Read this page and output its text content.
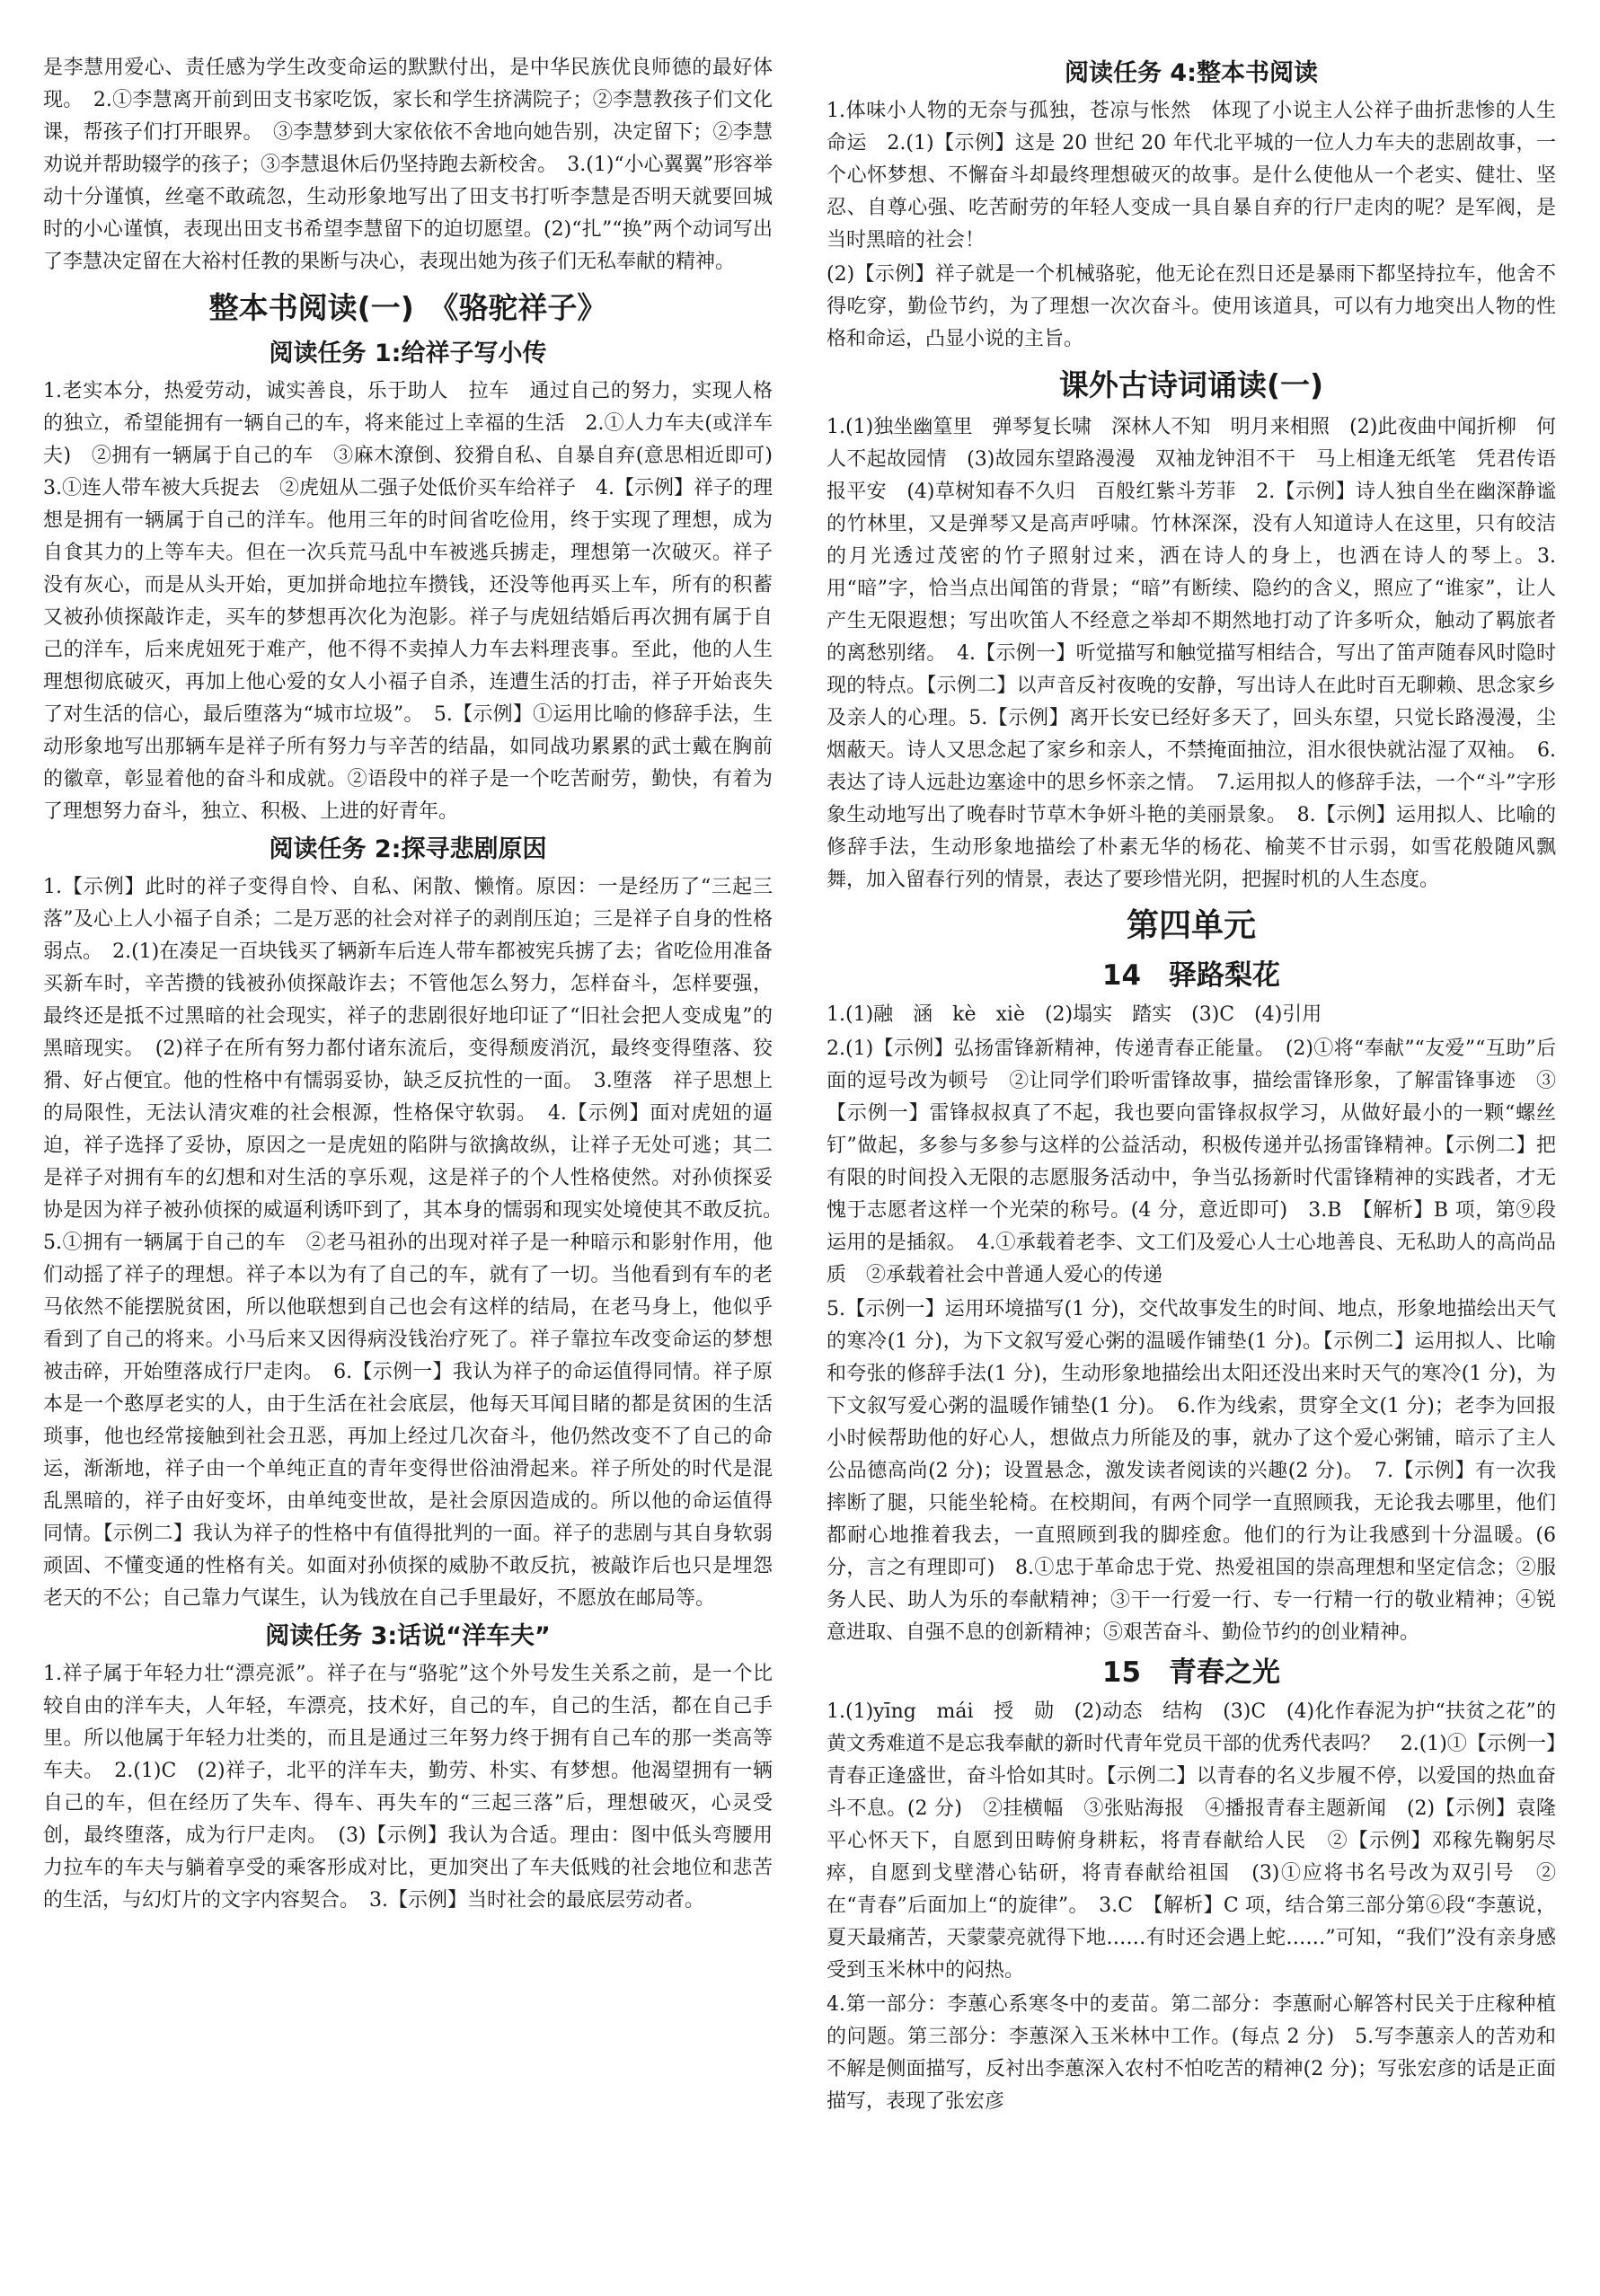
是李慧用爱心、责任感为学生改变命运的默默付出，是中华民族优良师德的最好体现。　2.①李慧离开前到田支书家吃饭，家长和学生挤满院子；②李慧教孩子们文化课，帮孩子们打开眼界。　③李慧梦到大家依依不舍地向她告别，决定留下；②李慧劝说并帮助辍学的孩子；③李慧退休后仍坚持跑去新校舍。　3.(1)“小心翼翼”形容举动十分谨慎，丝毫不敢疏忽，生动形象地写出了田支书打听李慧是否明天就要回城时的小心谨慎，表现出田支书希望李慧留下的迫切愿望。(2)“扎”“换”两个动词写出了李慧决定留在大裕村任教的果断与决心，表现出她为孩子们无私奉献的精神。

整本书阅读(一)　《骆驼祥子》
阅读任务 1:给祥子写小传

1.老实本分，热爱劳动，诚实善良，乐于助人　拉车　通过自己的努力，实现人格的独立，希望能拥有一辆自己的车，将来能过上幸福的生活　2.①人力车夫(或洋车夫)　②拥有一辆属于自己的车　③麻木潦倒、狡猾自私、自暴自弃(意思相近即可)　3.①连人带车被大兵捉去　②虎妞从二强子处低价买车给祥子　4.【示例】祥子的理想是拥有一辆属于自己的洋车。他用三年的时间省吃俭用，终于实现了理想，成为自食其力的上等车夫。但在一次兵荒马乱中车被逃兵掳走，理想第一次破灭。祥子没有灰心，而是从头开始，更加拼命地拉车攒钱，还没等他再买上车，所有的积蓄又被孙侦探敲诈走，买车的梦想再次化为泡影。祥子与虎妞结婚后再次拥有属于自己的洋车，后来虎妞死于难产，他不得不卖掉人力车去料理丧事。至此，他的人生理想彻底破灭，再加上他心爱的女人小福子自杀，连遭生活的打击，祥子开始丧失了对生活的信心，最后堕落为“城市垃圾”。　5.【示例】①运用比喻的修辞手法，生动形象地写出那辆车是祥子所有努力与辛苦的结晶，如同战功累累的武士戴在胸前的徽章，彰显着他的奋斗和成就。②语段中的祥子是一个吃苦耐劳，勤快，有着为了理想努力奋斗，独立、积极、上进的好青年。

阅读任务 2:探寻悲剧原因

1.【示例】此时的祥子变得自怜、自私、闲散、懒惰。原因：一是经历了“三起三落”及心上人小福子自杀；二是万恶的社会对祥子的剥削压迫；三是祥子自身的性格弱点。　2.(1)在凑足一百块钱买了辆新车后连人带车都被宪兵掳了去；省吃俭用准备买新车时，辛苦攒的钱被孙侦探敲诈去；不管他怎么努力，怎样奋斗，怎样要强，最终还是抵不过黑暗的社会现实，祥子的悲剧很好地印证了“旧社会把人变成鬼”的黑暗现实。　(2)祥子在所有努力都付诸东流后，变得颓废消沉，最终变得堕落、狡猾、好占便宜。他的性格中有懦弱妥协，缺乏反抗性的一面。　3.堕落　祥子思想上的局限性，无法认清灾难的社会根源，性格保守软弱。　4.【示例】面对虎妞的逼迫，祥子选择了妥协，原因之一是虎妞的陷阱与欲擒故纵，让祥子无处可逃；其二是祥子对拥有车的幻想和对生活的享乐观，这是祥子的个人性格使然。对孙侦探妥协是因为祥子被孙侦探的威逼利诱吓到了，其本身的懦弱和现实处境使其不敢反抗。　5.①拥有一辆属于自己的车　②老马祖孙的出现对祥子是一种暗示和影射作用，他们动摇了祥子的理想。祥子本以为有了自己的车，就有了一切。当他看到有车的老马依然不能摆脱贫困，所以他联想到自己也会有这样的结局，在老马身上，他似乎看到了自己的将来。小马后来又因得病没钱治疗死了。祥子靠拉车改变命运的梦想被击碎，开始堕落成行尸走肉。　6.【示例一】我认为祥子的命运值得同情。祥子原本是一个憨厚老实的人，由于生活在社会底层，他每天耳闻目睹的都是贫困的生活琐事，他也经常接触到社会丑恶，再加上经过几次奋斗，他仍然改变不了自己的命运，渐渐地，祥子由一个单纯正直的青年变得世俗油滑起来。祥子所处的时代是混乱黑暗的，祥子由好变坏，由单纯变世故，是社会原因造成的。所以他的命运值得同情。【示例二】我认为祥子的性格中有值得批判的一面。祥子的悲剧与其自身软弱顽固、不懂变通的性格有关。如面对孙侦探的威胁不敢反抗，被敲诈后也只是埋怨老天的不公；自己靠力气谋生，认为钱放在自己手里最好，不愿放在邮局等。

阅读任务 3:话说“洋车夫”

1.祥子属于年轻力壮“漂亮派”。祥子在与“骆驼”这个外号发生关系之前，是一个比较自由的洋车夫，人年轻，车漂亮，技术好，自己的车，自己的生活，都在自己手里。所以他属于年轻力壮类的，而且是通过三年努力终于拥有自己车的那一类高等车夫。　2.(1)C　(2)祥子，北平的洋车夫，勤劳、朴实、有梦想。他渴望拥有一辆自己的车，但在经历了失车、得车、再失车的“三起三落”后，理想破灭，心灵受创，最终堕落，成为行尸走肉。　(3)【示例】我认为合适。理由：图中低头弯腰用力拉车的车夫与躺着享受的乘客形成对比，更加突出了车夫低贱的社会地位和悲苦的生活，与幻灯片的文字内容契合。　3.【示例】当时社会的最底层劳动者。

阅读任务 4:整本书阅读

1.体味小人物的无奈与孤独，苍凉与怅然　体现了小说主人公祥子曲折悲惨的人生命运　2.(1)【示例】这是 20 世纪 20 年代北平城的一位人力车夫的悲剧故事，一个心怀梦想、不懈奋斗却最终理想破灭的故事。是什么使他从一个老实、健壮、坚忍、自尊心强、吃苦耐劳的年轻人变成一具自暴自弃的行尸走肉的呢？是军阀，是当时黑暗的社会！

(2)【示例】祥子就是一个机械骆驼，他无论在烈日还是暴雨下都坚持拉车，他舍不得吃穿，勤俭节约，为了理想一次次奋斗。使用该道具，可以有力地突出人物的性格和命运，凸显小说的主旨。

课外古诗词诵读(一)

1.(1)独坐幽篁里　弹琴复长啸　深林人不知　明月来相照　(2)此夜曲中闻折柳　何人不起故园情　(3)故园东望路漫漫　双袖龙钟泪不干　马上相逢无纸笔　凭君传语报平安　(4)草树知春不久归　百般红紫斗芳菲　2.【示例】诗人独自坐在幽深静谧的竹林里，又是弹琴又是高声呼啸。竹林深深，没有人知道诗人在这里，只有皎洁的月光透过茂密的竹子照射过来，洒在诗人的身上，也洒在诗人的琴上。3.用“暗”字，恰当点出闻笛的背景；“暗”有断续、隐约的含义，照应了“谁家”，让人产生无限遐想；写出吹笛人不经意之举却不期然地打动了许多听众，触动了羁旅者的离愁别绪。　4.【示例一】听觉描写和触觉描写相结合，写出了笛声随春风时隐时现的特点。【示例二】以声音反衬夜晚的安静，写出诗人在此时百无聊赖、思念家乡及亲人的心理。5.【示例】离开长安已经好多天了，回头东望，只觉长路漫漫，尘烟蔽天。诗人又思念起了家乡和亲人，不禁掩面抽泣，泪水很快就沾湿了双袖。　6.表达了诗人远赴边塞途中的思乡怀亲之情。　7.运用拟人的修辞手法，一个“斗”字形象生动地写出了晚春时节草木争妍斗艳的美丽景象。　8.【示例】运用拟人、比喻的修辞手法，生动形象地描绘了朴素无华的杨花、榆荚不甘示弱，如雪花般随风飘舞，加入留春行列的情景，表达了要珍惜光阴，把握时机的人生态度。

第四单元
14　驿路梨花

1.(1)融　涵　kè　xiè　(2)塌实　踏实　(3)C　(4)引用

2.(1)【示例】弘扬雷锋新精神，传递青春正能量。　(2)①将“奉献”“友爱”“互助”后面的逗号改为顿号　②让同学们聆听雷锋故事，描绘雷锋形象，了解雷锋事迹　③【示例一】雷锋叔叔真了不起，我也要向雷锋叔叔学习，从做好最小的一颗“螺丝钉”做起，多参与多参与这样的公益活动，积极传递并弘扬雷锋精神。【示例二】把有限的时间投入无限的志愿服务活动中，争当弘扬新时代雷锋精神的实践者，才无愧于志愿者这样一个光荣的称号。(4 分，意近即可)　3.B　【解析】B 项，第⑨段运用的是插叙。　4.①承载着老李、文工们及爱心人士心地善良、无私助人的高尚品质　②承载着社会中普通人爱心的传递

5.【示例一】运用环境描写(1 分)，交代故事发生的时间、地点，形象地描绘出天气的寒冷(1 分)，为下文叙写爱心粥的温暖作铺垫(1 分)。【示例二】运用拟人、比喻和夸张的修辞手法(1 分)，生动形象地描绘出太阳还没出来时天气的寒冷(1 分)，为下文叙写爱心粥的温暖作铺垫(1 分)。　6.作为线索，贯穿全文(1 分)；老李为回报小时候帮助他的好心人，想做点力所能及的事，就办了这个爱心粥铺，暗示了主人公品德高尚(2 分)；设置悬念，激发读者阅读的兴趣(2 分)。　7.【示例】有一次我摔断了腿，只能坐轮椅。在校期间，有两个同学一直照顾我，无论我去哪里，他们都耐心地推着我去，一直照顾到我的脚痊愈。他们的行为让我感到十分温暖。(6 分，言之有理即可)　8.①忠于革命忠于党、热爱祖国的崇高理想和坚定信念；②服务人民、助人为乐的奉献精神；③干一行爱一行、专一行精一行的敬业精神；④锐意进取、自强不息的创新精神；⑤艰苦奋斗、勤俭节约的创业精神。

15　青春之光

1.(1)yīng　mái　授　勋　(2)动态　结构　(3)C　(4)化作春泥为护“扶贫之花”的黄文秀难道不是忘我奉献的新时代青年党员干部的优秀代表吗？　2.(1)①【示例一】青春正逢盛世，奋斗恰如其时。【示例二】以青春的名义步履不停，以爱国的热血奋斗不息。(2 分)　②挂横幅　③张贴海报　④播报青春主题新闻　(2)【示例】袁隆平心怀天下，自愿到田畴俯身耕耘，将青春献给人民　②【示例】邓稼先鞠躬尽瘁，自愿到戈壁潜心钻研，将青春献给祖国　(3)①应将书名号改为双引号　②在“青春”后面加上“的旋律”。　3.C　【解析】C 项，结合第三部分第⑥段“李蕙说，夏天最痛苦，天蒙蒙亮就得下地……有时还会遇上蛇……”可知，“我们”没有亲身感受到玉米林中的闷热。

4.第一部分：李蕙心系寒冬中的麦苗。第二部分：李蕙耐心解答村民关于庄稼种植的问题。第三部分：李蕙深入玉米林中工作。(每点 2 分)　5.写李蕙亲人的苦劝和不解是侧面描写，反衬出李蕙深入农村不怕吃苦的精神(2 分)；写张宏彦的话是正面描写，表现了张宏彦
